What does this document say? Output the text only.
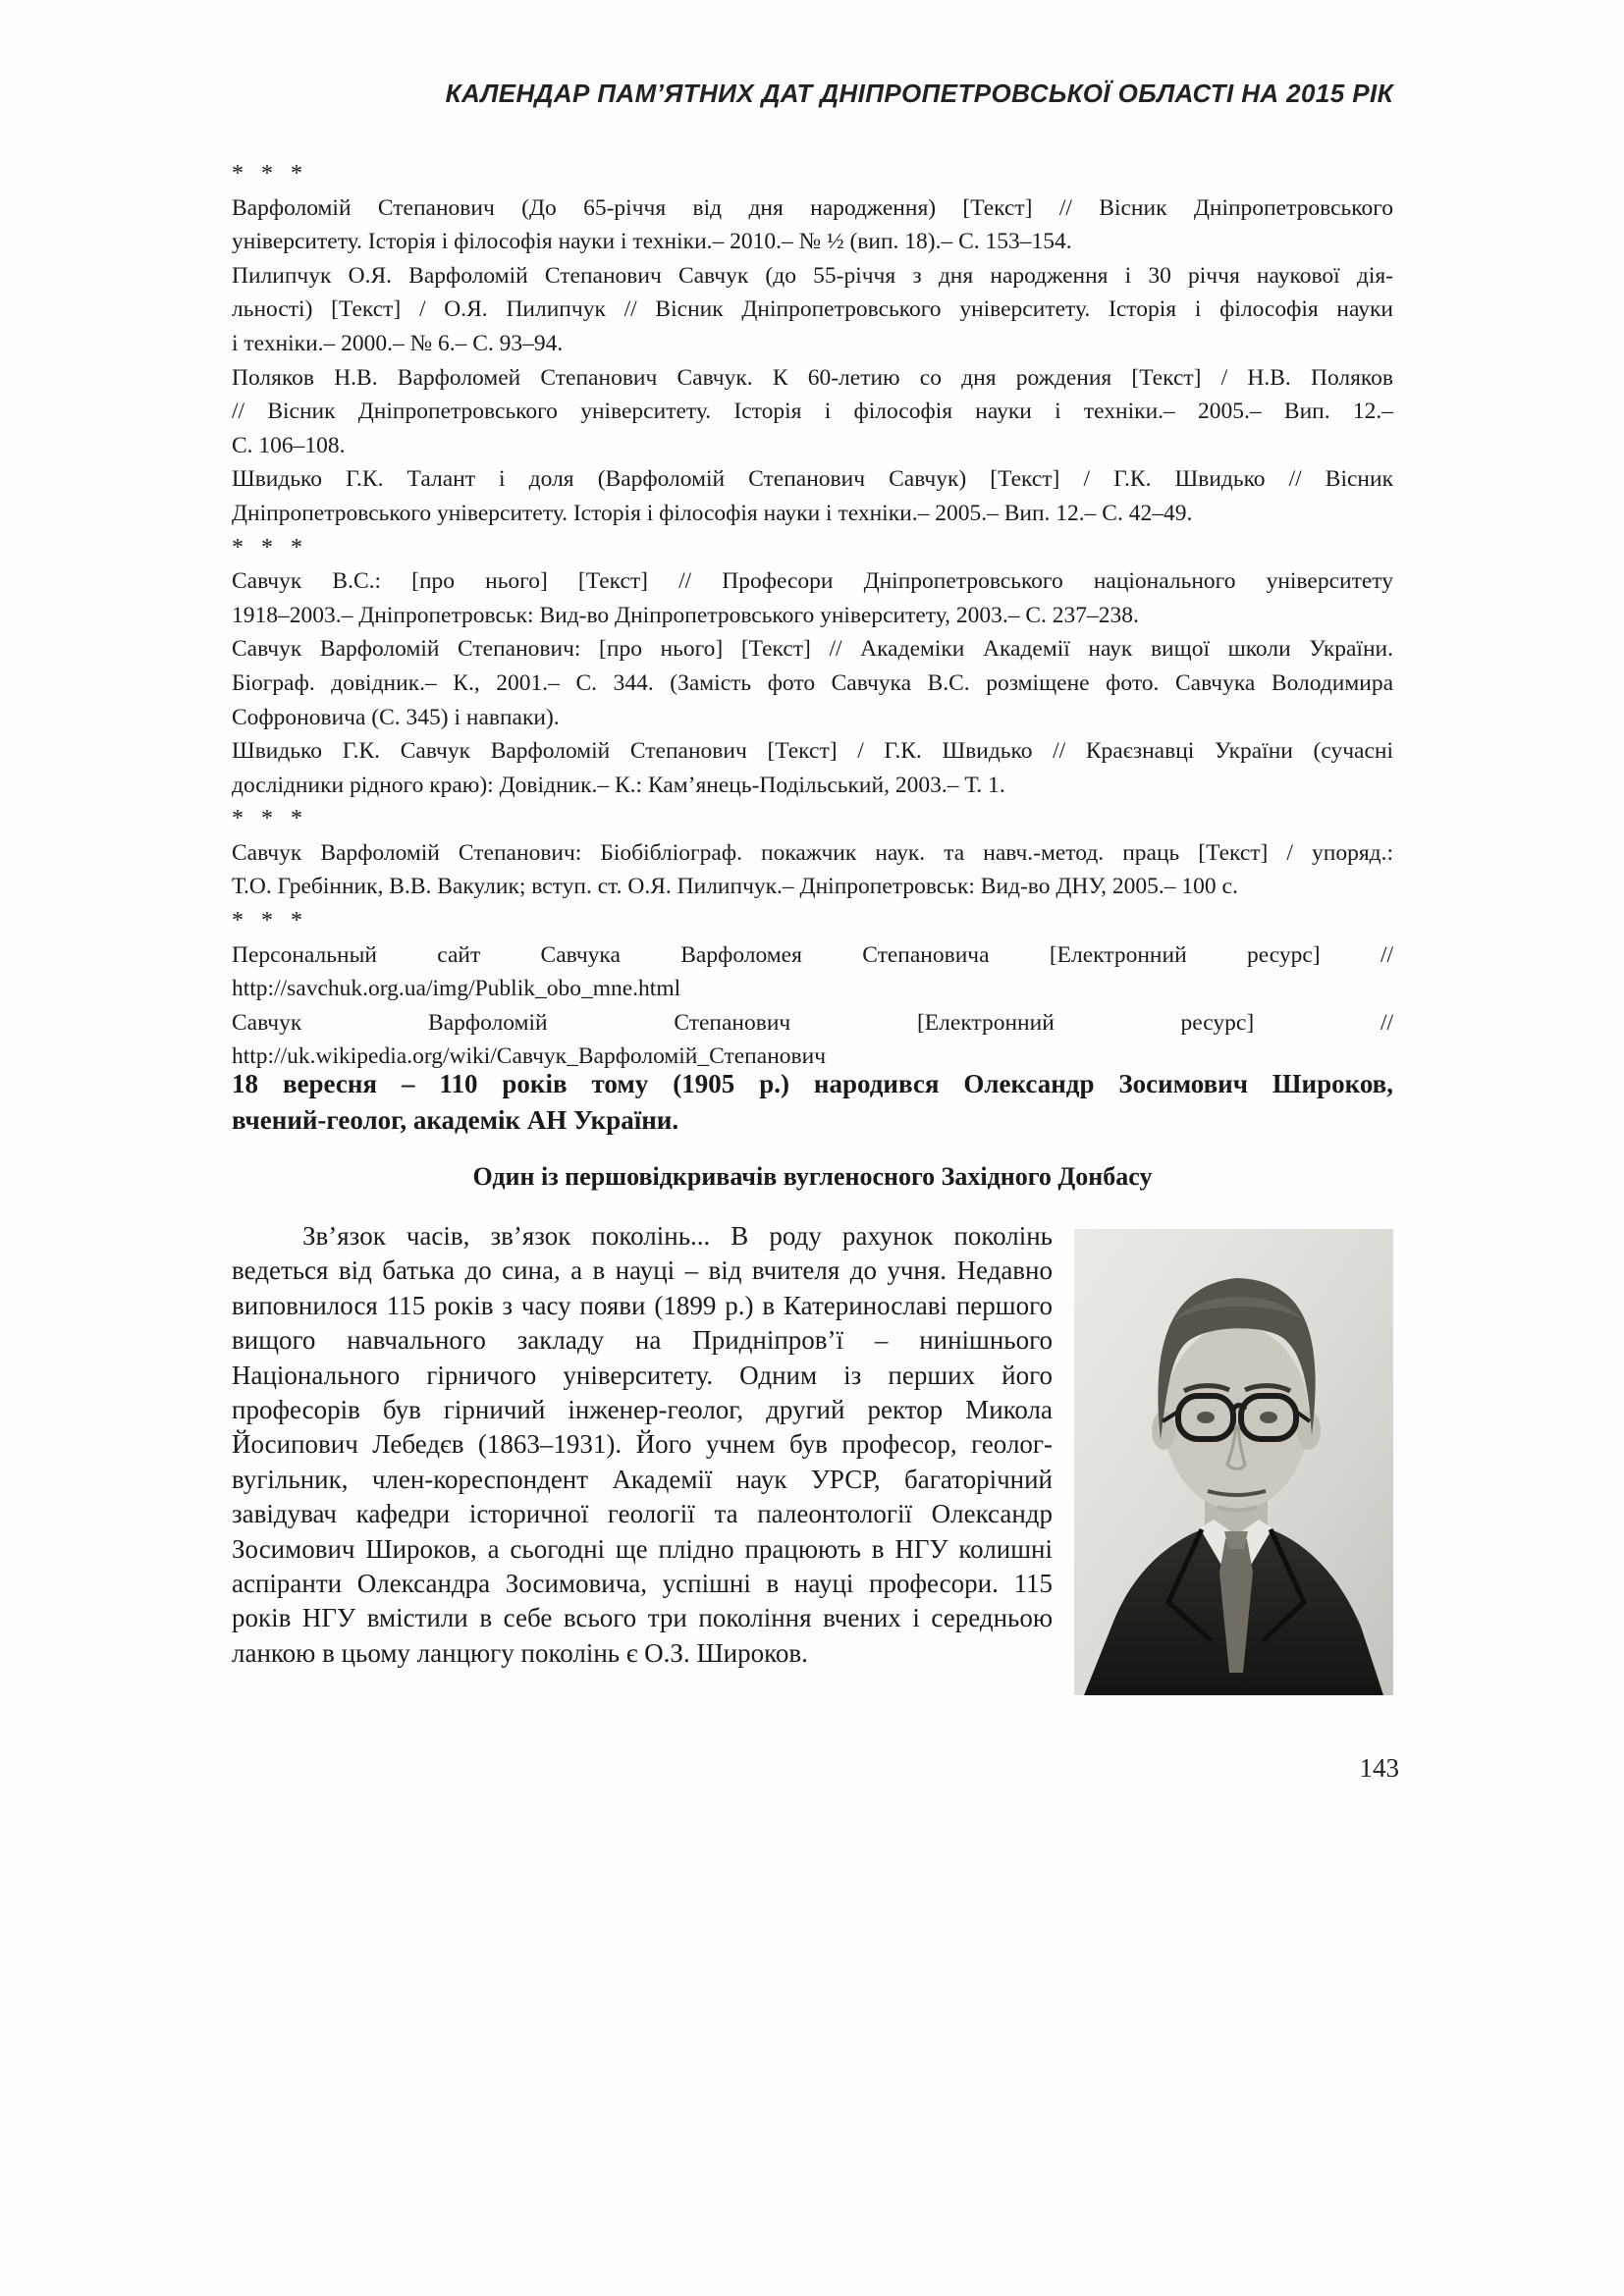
КАЛЕНДАР ПАМ’ЯТНИХ ДАТ ДНІПРОПЕТРОВСЬКОЇ ОБЛАСТІ НА 2015 РІК
* * *
Варфоломій Степанович (До 65-річчя від дня народження) [Текст] // Вісник Дніпропетровського
університету. Історія і філософія науки і техніки.– 2010.– № ½ (вип. 18).– С. 153–154.
Пилипчук О.Я. Варфоломій Степанович Савчук (до 55-річчя з дня народження і 30 річчя наукової дія-
льності) [Текст] / О.Я. Пилипчук // Вісник Дніпропетровського університету. Історія і філософія науки
і техніки.– 2000.– № 6.– С. 93–94.
Поляков Н.В. Варфоломей Степанович Савчук. К 60-летию со дня рождения [Текст] / Н.В. Поляков
// Вісник Дніпропетровського університету. Історія і філософія науки і техніки.– 2005.– Вип. 12.–
С. 106–108.
Швидько Г.К. Талант і доля (Варфоломій Степанович Савчук) [Текст] / Г.К. Швидько // Вісник
Дніпропетровського університету. Історія і філософія науки і техніки.– 2005.– Вип. 12.– С. 42–49.
* * *
Савчук В.С.: [про нього] [Текст] // Професори Дніпропетровського національного університету
1918–2003.– Дніпропетровськ: Вид-во Дніпропетровського університету, 2003.– С. 237–238.
Савчук Варфоломій Степанович: [про нього] [Текст] // Академіки Академії наук вищої школи України.
Біограф. довідник.– К., 2001.– С. 344. (Замість фото Савчука В.С. розміщене фото. Савчука Володимира
Софроновича (С. 345) і навпаки).
Швидько Г.К. Савчук Варфоломій Степанович [Текст] / Г.К. Швидько // Краєзнавці України (сучасні
дослідники рідного краю): Довідник.– К.: Кам’янець-Подільський, 2003.– Т. 1.
* * *
Савчук Варфоломій Степанович: Біобібліограф. покажчик наук. та навч.-метод. праць [Текст] / упоряд.:
Т.О. Гребінник, В.В. Вакулик; вступ. ст. О.Я. Пилипчук.– Дніпропетровськ: Вид-во ДНУ, 2005.– 100 с.
* * *
Персональный сайт Савчука Варфоломея Степановича [Електронний ресурс] //
http://savchuk.org.ua/img/Publik_obo_mne.html
Савчук Варфоломій Степанович [Електронний ресурс] //
http://uk.wikipedia.org/wiki/Савчук_Варфоломій_Степанович
18 вересня – 110 років тому (1905 р.) народився Олександр Зосимович Широков,
вчений-геолог, академік АН України.
Один із першовідкривачів вугленосного Західного Донбасу

Зв’язок часів, зв’язок поколінь... В роду рахунок поколінь ведеться від батька до сина, а в науці – від вчителя до учня. Недавно виповнилося 115 років з часу появи (1899 р.) в Катеринославі першого вищого навчального закладу на Придніпров’ї – нинішнього Національного гірничого університету. Одним із перших його професорів був гірничий інженер-геолог, другий ректор Микола Йосипович Лебедєв (1863–1931). Його учнем був професор, геолог-вугільник, член-кореспондент Академії наук УРСР, багаторічний завідувач кафедри історичної геології та палеонтології Олександр Зосимович Широков, а сьогодні ще плідно працюють в НГУ колишні аспіранти Олександра Зосимовича, успішні в науці професори. 115 років НГУ вмістили в себе всього три покоління вчених і середньою ланкою в цьому ланцюгу поколінь є О.З. Широков.

143
